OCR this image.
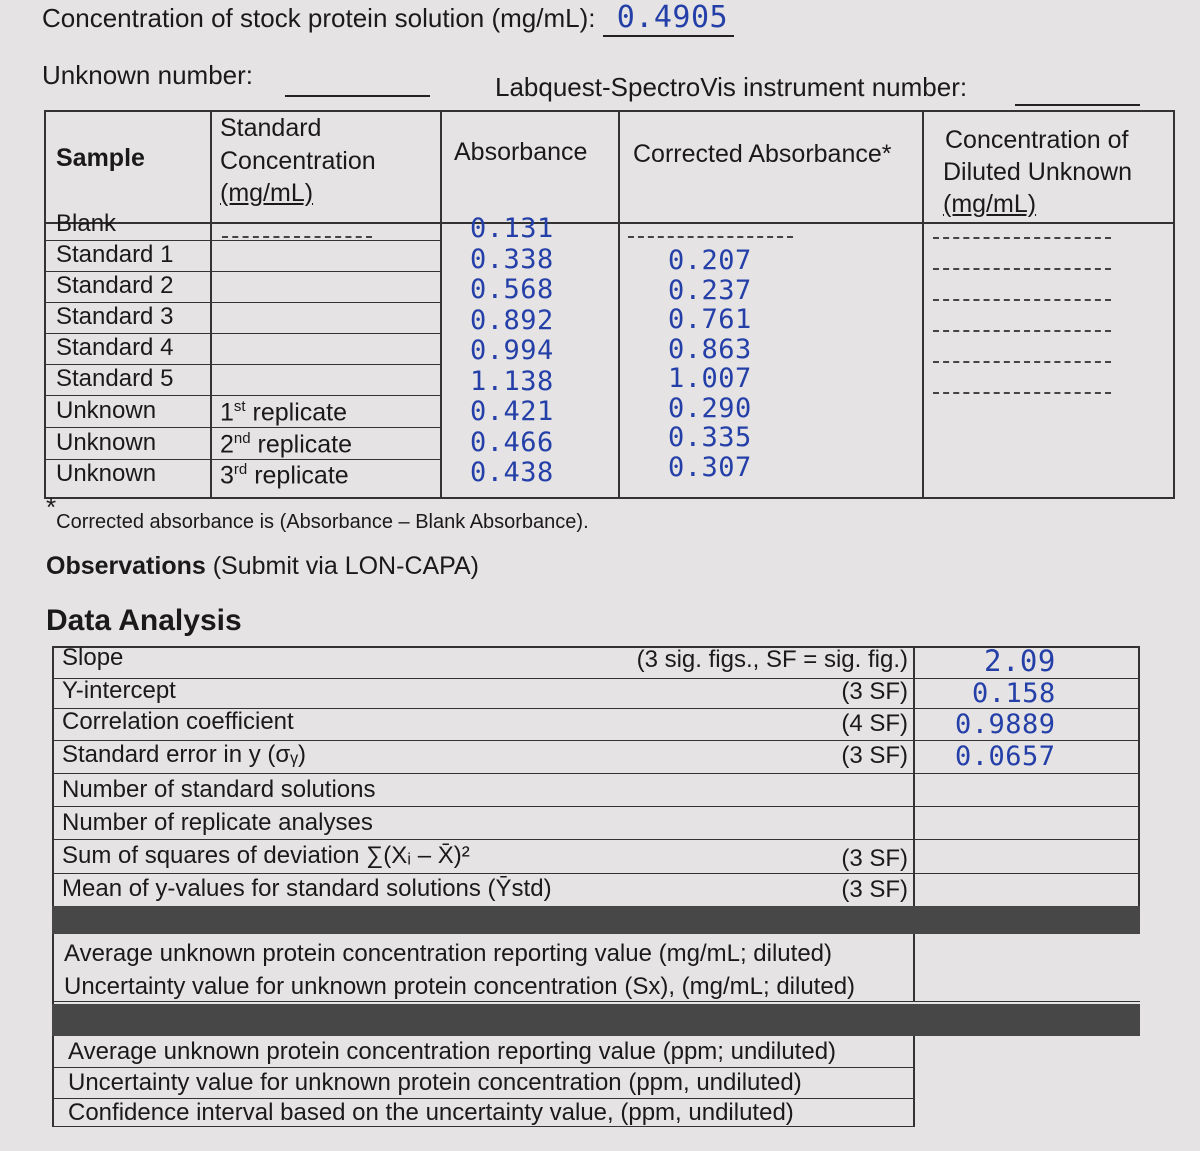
Concentration of stock protein solution (mg/mL): 0.4905
Unknown number:	Labquest-SpectroVis instrument number:
Sample
Standard
Concentration
(mg/mL)
Absorbance Corrected Absorbance* Concentration of
Diluted Unknown
(mg/mL)
Blank
Standard 1
Standard 2
Standard 3
Standard 4
Standard 5
Unknown
Unknown
Unknown
1st replicate
2nd replicate
3rd replicate
0.131
0.338
0.568
0.892
0.994
1.138
0.421
0.466
0.438
0.207
0.237
0.761
0.863
1.007
0.290
0.335
0.307
*Corrected absorbance is (Absorbance – Blank Absorbance).
Observations (Submit via LON-CAPA)
Data Analysis
Slope
Y-intercept
Correlation coefficient
Standard error in y (σᵧ)
Number of standard solutions
Number of replicate analyses
Sum of squares of deviation ∑(Xᵢ – X̄)²
Mean of y-values for standard solutions (Ȳstd)
(3 sig. figs., SF = sig. fig.)
(3 SF)
(4 SF)
(3 SF)
(3 SF)
(3 SF)
2.09
0.158
0.9889
0.0657
Average unknown protein concentration reporting value (mg/mL; diluted)
Uncertainty value for unknown protein concentration (Sx), (mg/mL; diluted)
Average unknown protein concentration reporting value (ppm; undiluted)
Uncertainty value for unknown protein concentration (ppm, undiluted)
Confidence interval based on the uncertainty value, (ppm, undiluted)
